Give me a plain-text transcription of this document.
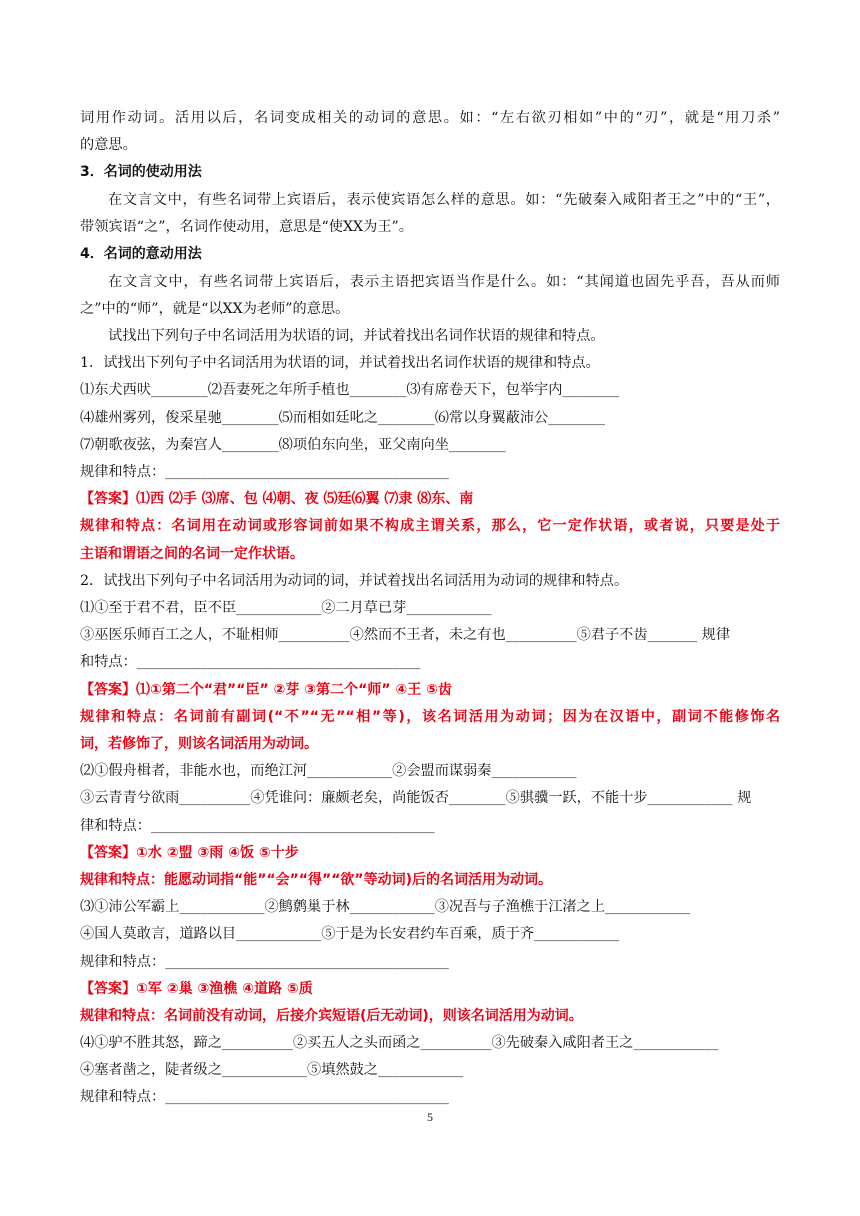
词用作动词。活用以后，名词变成相关的动词的意思。如：“左右欲刃相如”中的“刃”，就是“用刀杀”
的意思。
3．名词的使动用法
在文言文中，有些名词带上宾语后，表示使宾语怎么样的意思。如：“先破秦入咸阳者王之”中的“王”，
带领宾语“之”，名词作使动用，意思是“使XX为王”。
4．名词的意动用法
在文言文中，有些名词带上宾语后，表示主语把宾语当作是什么。如：“其闻道也固先乎吾，吾从而师
之”中的“师”，就是“以XX为老师”的意思。
试找出下列句子中名词活用为状语的词，并试着找出名词作状语的规律和特点。
1．试找出下列句子中名词活用为状语的词，并试着找出名词作状语的规律和特点。
⑴东犬西吠________⑵吾妻死之年所手植也________⑶有席卷天下，包举宇内________
⑷雄州雾列，俊采星驰________⑸而相如廷叱之________⑹常以身翼蔽沛公________
⑺朝歌夜弦，为秦宫人________⑻项伯东向坐，亚父南向坐________
规律和特点：________________________________________
【答案】⑴西 ⑵手 ⑶席、包 ⑷朝、夜 ⑸廷⑹翼 ⑺隶 ⑻东、南
规律和特点：名词用在动词或形容词前如果不构成主谓关系，那么，它一定作状语，或者说，只要是处于
主语和谓语之间的名词一定作状语。
2．试找出下列句子中名词活用为动词的词，并试着找出名词活用为动词的规律和特点。
⑴①至于君不君，臣不臣____________②二月草已芽____________
③巫医乐师百工之人，不耻相师__________④然而不王者，未之有也__________⑤君子不齿_______ 规律
和特点：________________________________________
【答案】⑴①第二个“君”“臣” ②芽 ③第二个“师” ④王 ⑤齿
规律和特点：名词前有副词(“不”“无”“相”等)，该名词活用为动词；因为在汉语中，副词不能修饰名
词，若修饰了，则该名词活用为动词。
⑵①假舟楫者，非能水也，而绝江河____________②会盟而谋弱秦____________
③云青青兮欲雨__________④凭谁问：廉颇老矣，尚能饭否________⑤骐骥一跃，不能十步____________ 规
律和特点：________________________________________
【答案】①水 ②盟 ③雨 ④饭 ⑤十步
规律和特点：能愿动词指“能”“会”“得”“欲”等动词)后的名词活用为动词。
⑶①沛公军霸上____________②鹪鹩巢于林____________③况吾与子渔樵于江渚之上____________
④国人莫敢言，道路以目____________⑤于是为长安君约车百乘，质于齐____________
规律和特点：________________________________________
【答案】①军 ②巢 ③渔樵 ④道路 ⑤质
规律和特点：名词前没有动词，后接介宾短语(后无动词)，则该名词活用为动词。
⑷①驴不胜其怒，蹄之__________②买五人之头而函之__________③先破秦入咸阳者王之____________
④塞者凿之，陡者级之____________⑤填然鼓之____________
规律和特点：________________________________________
5
